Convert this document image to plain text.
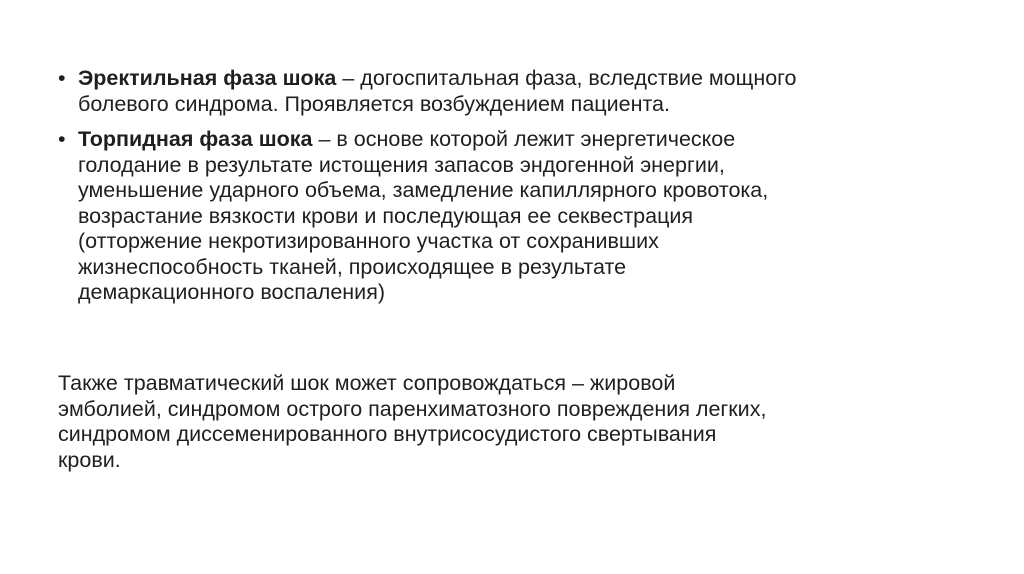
• Эректильная фаза шока – догоспитальная фаза, вследствие мощного
болевого синдрома. Проявляется возбуждением пациента.
• Торпидная фаза шока – в основе которой лежит энергетическое
голодание в результате истощения запасов эндогенной энергии,
уменьшение ударного объема, замедление капиллярного кровотока,
возрастание вязкости крови и последующая ее секвестрация
(отторжение некротизированного участка от сохранивших
жизнеспособность тканей, происходящее в результате
демаркационного воспаления)

Также травматический шок может сопровождаться – жировой
эмболией, синдромом острого паренхиматозного повреждения легких,
синдромом диссеменированного внутрисосудистого свертывания
крови.
